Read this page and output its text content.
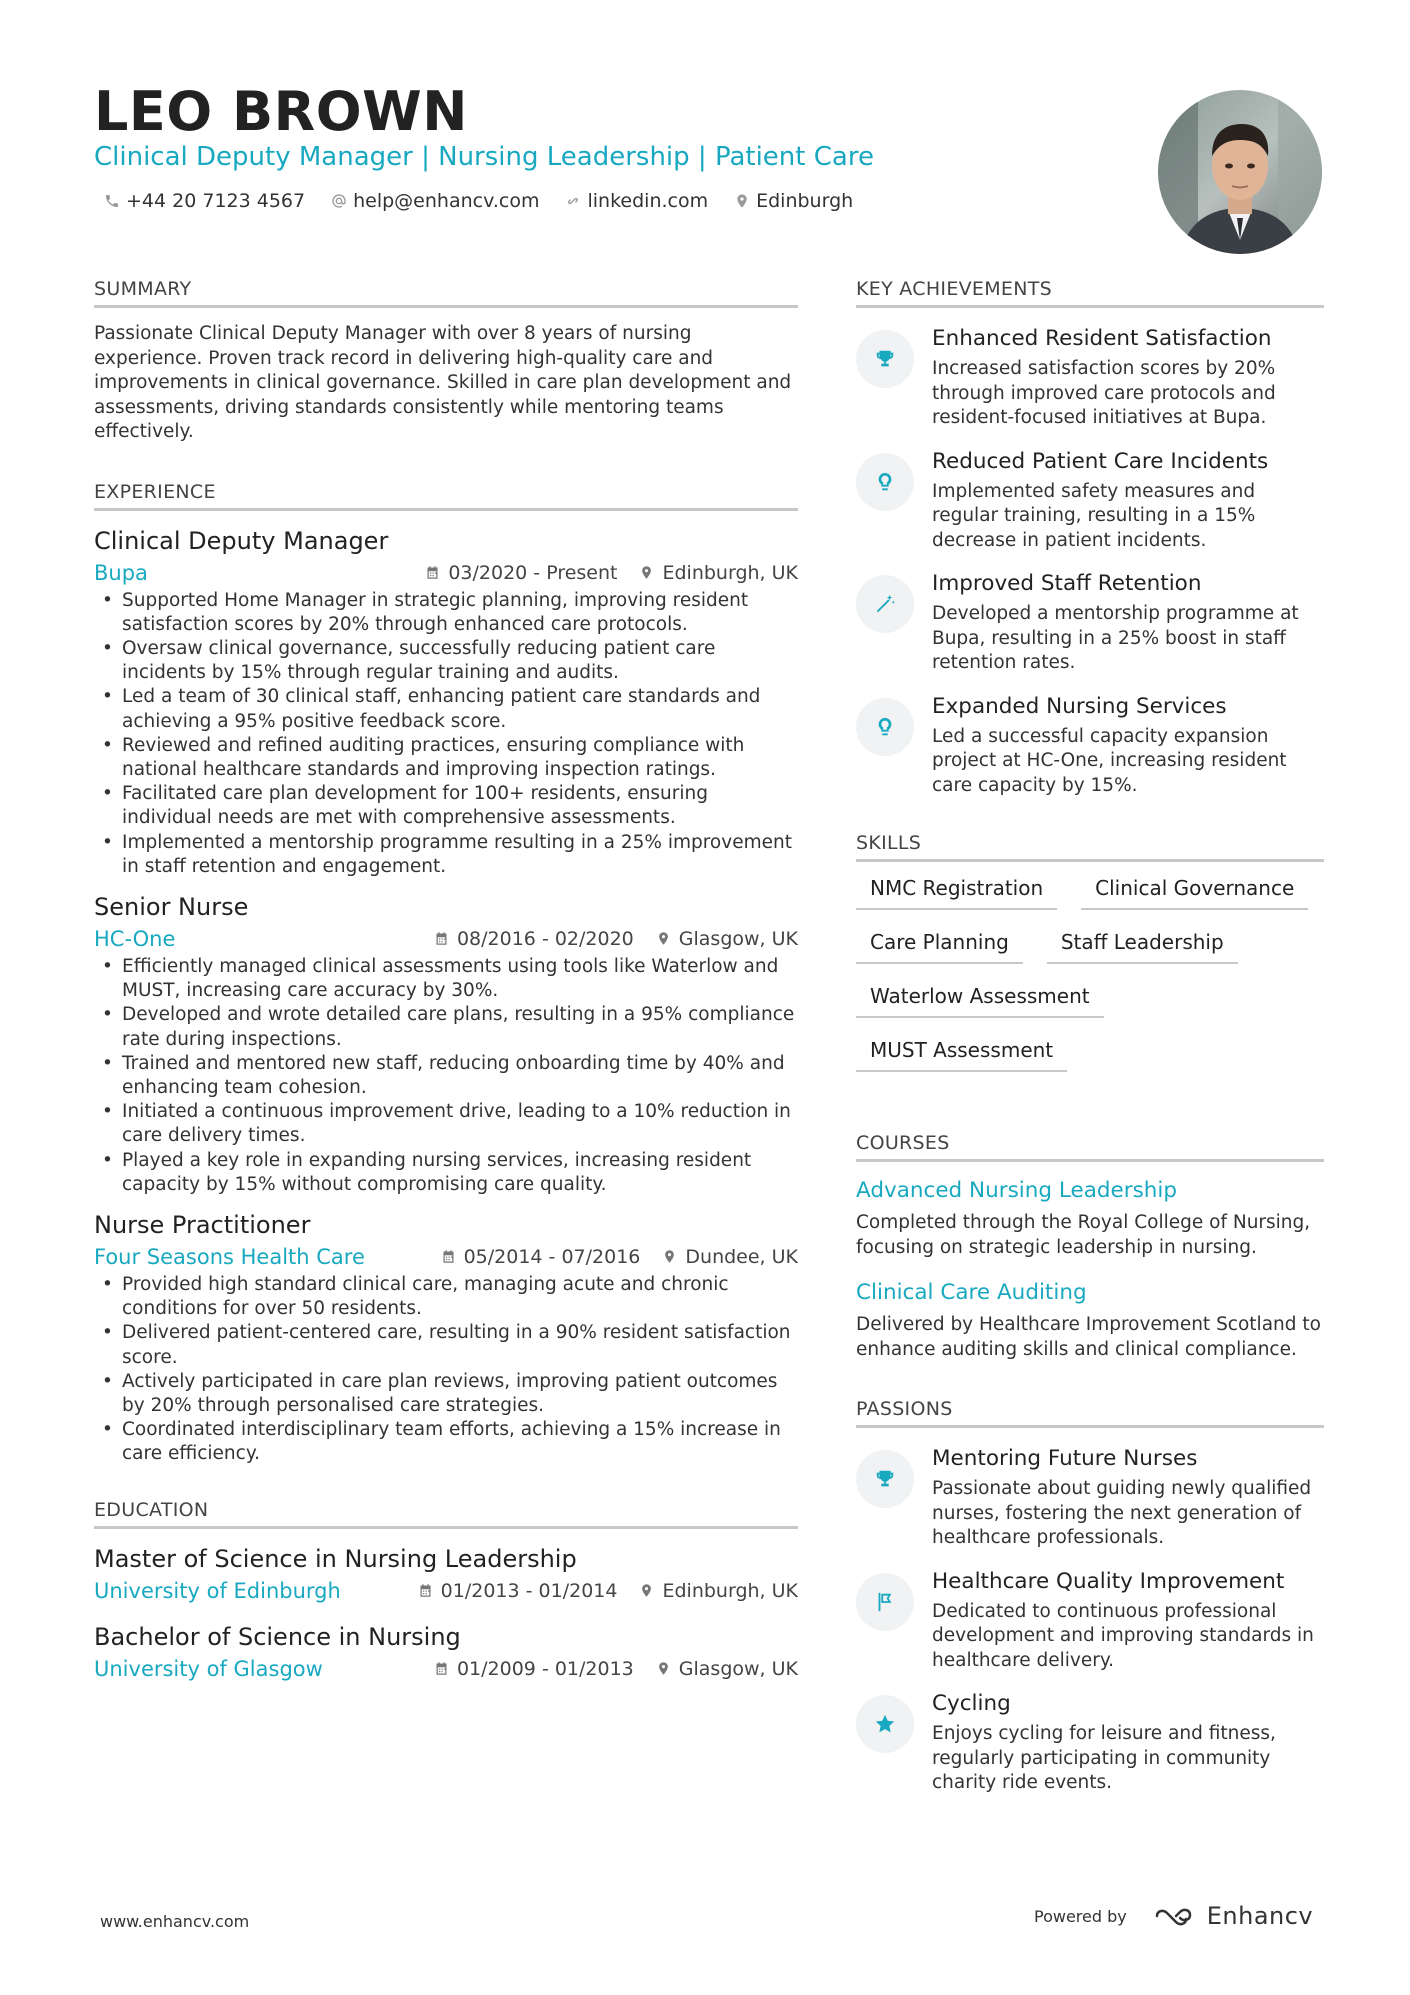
LEO BROWN
Clinical Deputy Manager | Nursing Leadership | Patient Care
+44 20 7123 4567	help@enhancv.com	linkedin.com	Edinburgh
SUMMARY
Passionate Clinical Deputy Manager with over 8 years of nursing experience. Proven track record in delivering high-quality care and improvements in clinical governance. Skilled in care plan development and assessments, driving standards consistently while mentoring teams effectively.
EXPERIENCE
Clinical Deputy Manager
Bupa	03/2020 - Present Edinburgh, UK
• Supported Home Manager in strategic planning, improving resident satisfaction scores by 20% through enhanced care protocols.
• Oversaw clinical governance, successfully reducing patient care incidents by 15% through regular training and audits.
• Led a team of 30 clinical staff, enhancing patient care standards and achieving a 95% positive feedback score.
• Reviewed and refined auditing practices, ensuring compliance with national healthcare standards and improving inspection ratings.
• Facilitated care plan development for 100+ residents, ensuring individual needs are met with comprehensive assessments.
• Implemented a mentorship programme resulting in a 25% improvement in staff retention and engagement.
Senior Nurse
HC-One	08/2016 - 02/2020 Glasgow, UK
• Efficiently managed clinical assessments using tools like Waterlow and MUST, increasing care accuracy by 30%.
• Developed and wrote detailed care plans, resulting in a 95% compliance rate during inspections.
• Trained and mentored new staff, reducing onboarding time by 40% and enhancing team cohesion.
• Initiated a continuous improvement drive, leading to a 10% reduction in care delivery times.
• Played a key role in expanding nursing services, increasing resident capacity by 15% without compromising care quality.
Nurse Practitioner
Four Seasons Health Care	05/2014 - 07/2016 Dundee, UK
• Provided high standard clinical care, managing acute and chronic conditions for over 50 residents.
• Delivered patient-centered care, resulting in a 90% resident satisfaction score.
• Actively participated in care plan reviews, improving patient outcomes by 20% through personalised care strategies.
• Coordinated interdisciplinary team efforts, achieving a 15% increase in care efficiency.
EDUCATION
Master of Science in Nursing Leadership
University of Edinburgh	01/2013 - 01/2014 Edinburgh, UK
Bachelor of Science in Nursing
University of Glasgow	01/2009 - 01/2013 Glasgow, UK
KEY ACHIEVEMENTS
Enhanced Resident Satisfaction
Increased satisfaction scores by 20% through improved care protocols and resident-focused initiatives at Bupa.
Reduced Patient Care Incidents
Implemented safety measures and regular training, resulting in a 15% decrease in patient incidents.
Improved Staff Retention
Developed a mentorship programme at Bupa, resulting in a 25% boost in staff retention rates.
Expanded Nursing Services
Led a successful capacity expansion project at HC-One, increasing resident care capacity by 15%.
SKILLS
NMC Registration	Clinical Governance
Care Planning	Staff Leadership
Waterlow Assessment
MUST Assessment
COURSES
Advanced Nursing Leadership
Completed through the Royal College of Nursing, focusing on strategic leadership in nursing.
Clinical Care Auditing
Delivered by Healthcare Improvement Scotland to enhance auditing skills and clinical compliance.
PASSIONS
Mentoring Future Nurses
Passionate about guiding newly qualified nurses, fostering the next generation of healthcare professionals.
Healthcare Quality Improvement
Dedicated to continuous professional development and improving standards in healthcare delivery.
Cycling
Enjoys cycling for leisure and fitness, regularly participating in community charity ride events.
www.enhancv.com	Powered by	Enhancv
